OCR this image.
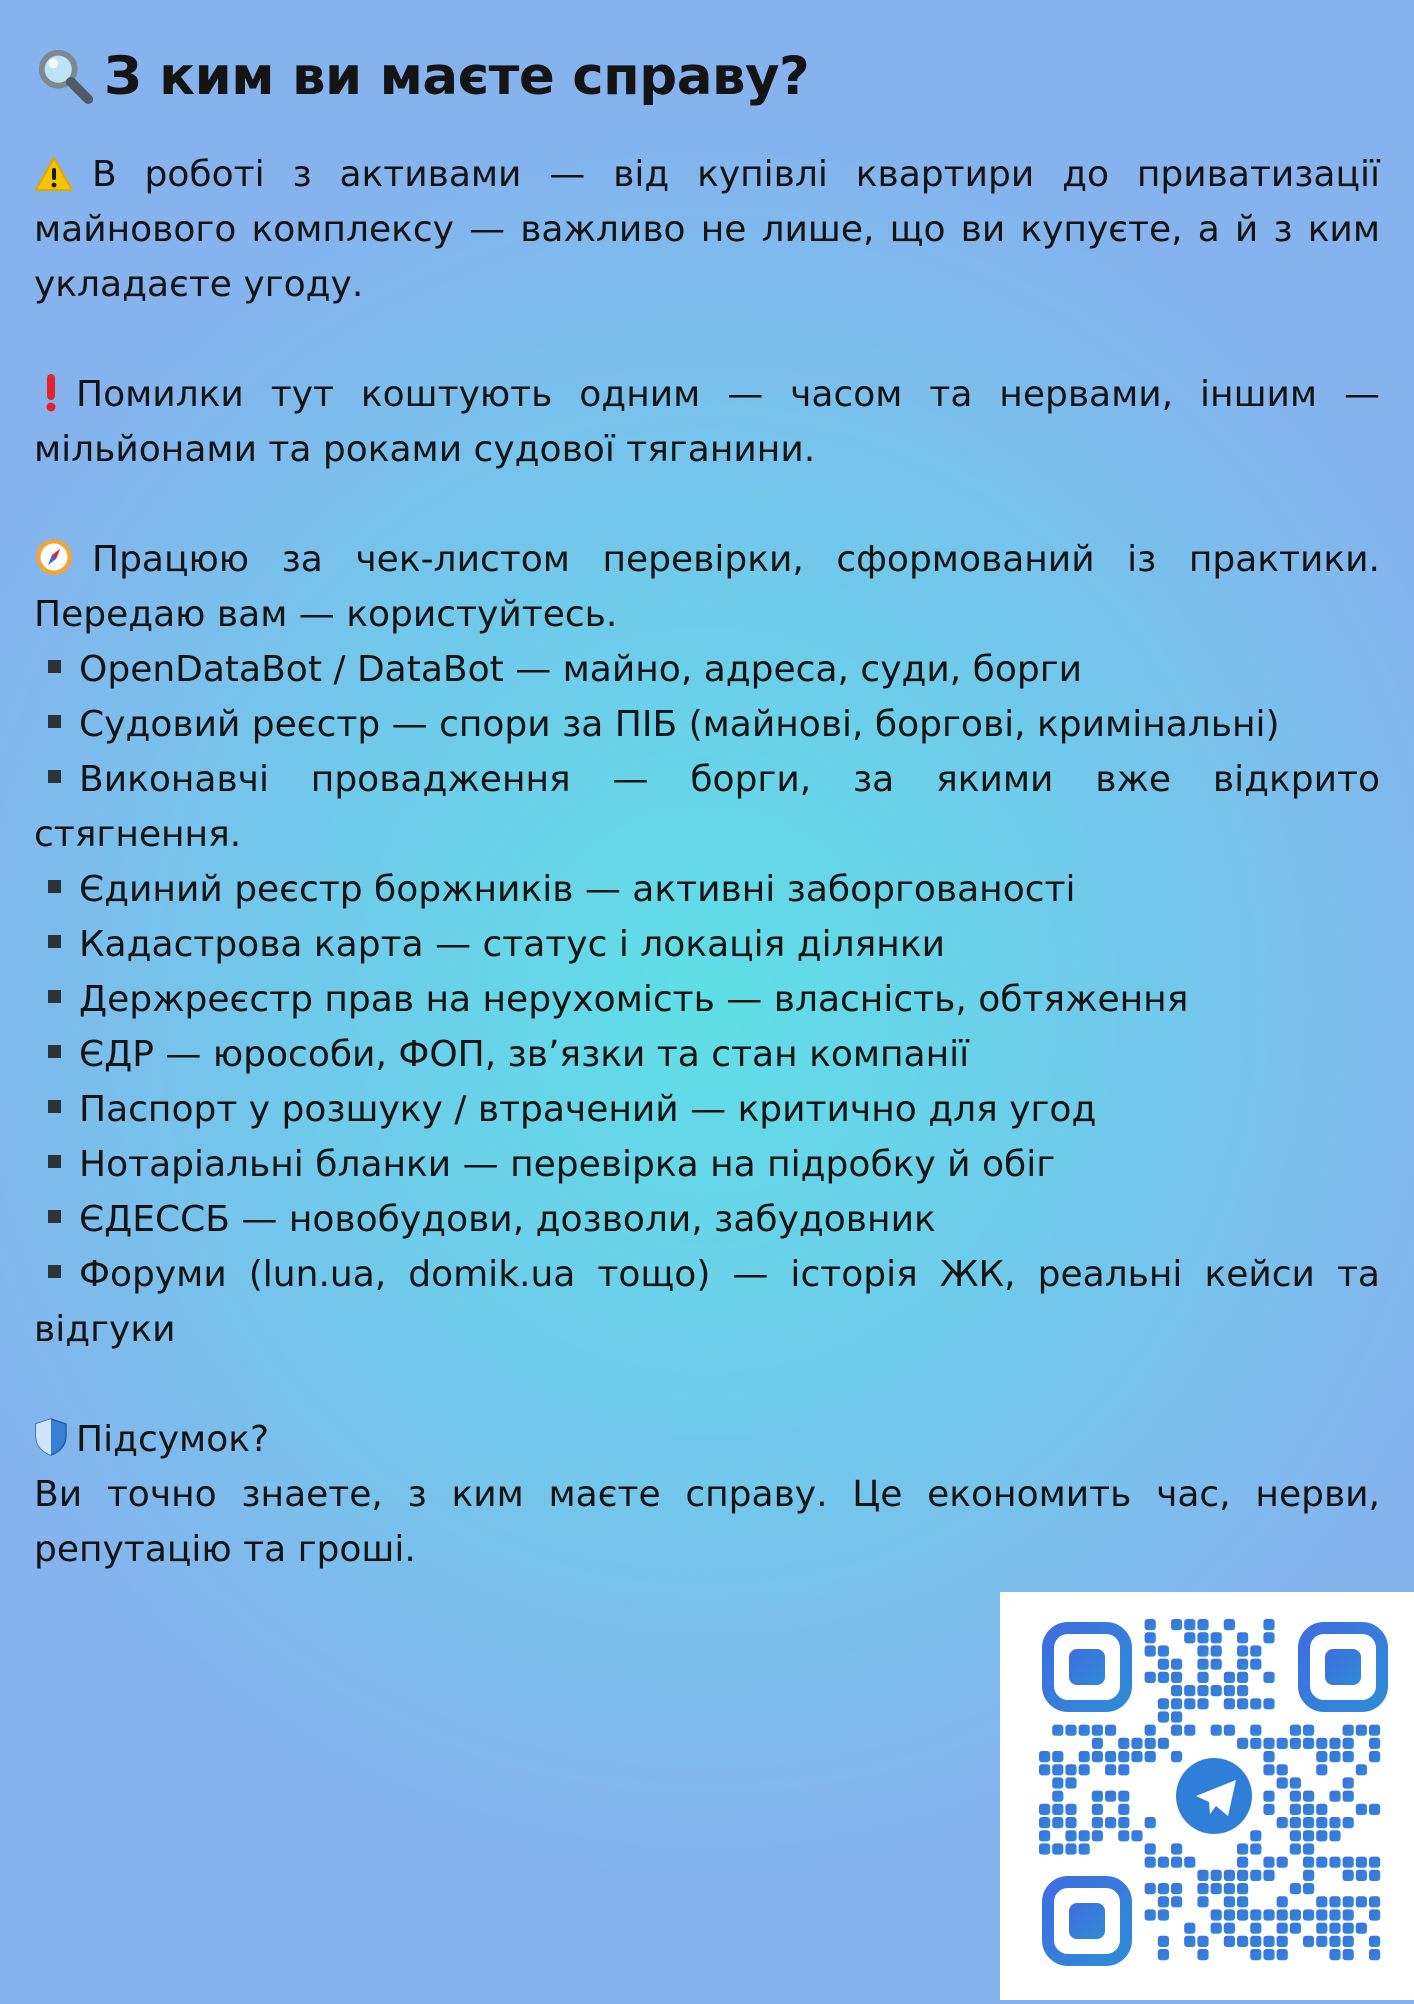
З ким ви маєте справу?

В роботі з активами — від купівлі квартири до приватизації майнового комплексу — важливо не лише, що ви купуєте, а й з ким укладаєте угоду.

Помилки тут коштують одним — часом та нервами, іншим — мільйонами та роками судової тяганини.

Працюю за чек-листом перевірки, сформований із практики. Передаю вам — користуйтесь.

OpenDataBot / DataBot — майно, адреса, суди, борги
Судовий реєстр — спори за ПІБ (майнові, боргові, кримінальні)
Виконавчі провадження — борги, за якими вже відкрито стягнення.
Єдиний реєстр боржників — активні заборгованості
Кадастрова карта — статус і локація ділянки
Держреєстр прав на нерухомість — власність, обтяження
ЄДР — юрособи, ФОП, зв’язки та стан компанії
Паспорт у розшуку / втрачений — критично для угод
Нотаріальні бланки — перевірка на підробку й обіг
ЄДЕССБ — новобудови, дозволи, забудовник
Форуми (lun.ua, domik.ua тощо) — історія ЖК, реальні кейси та відгуки

Підсумок?

Ви точно знаете, з ким маєте справу. Це економить час, нерви, репутацію та гроші.
